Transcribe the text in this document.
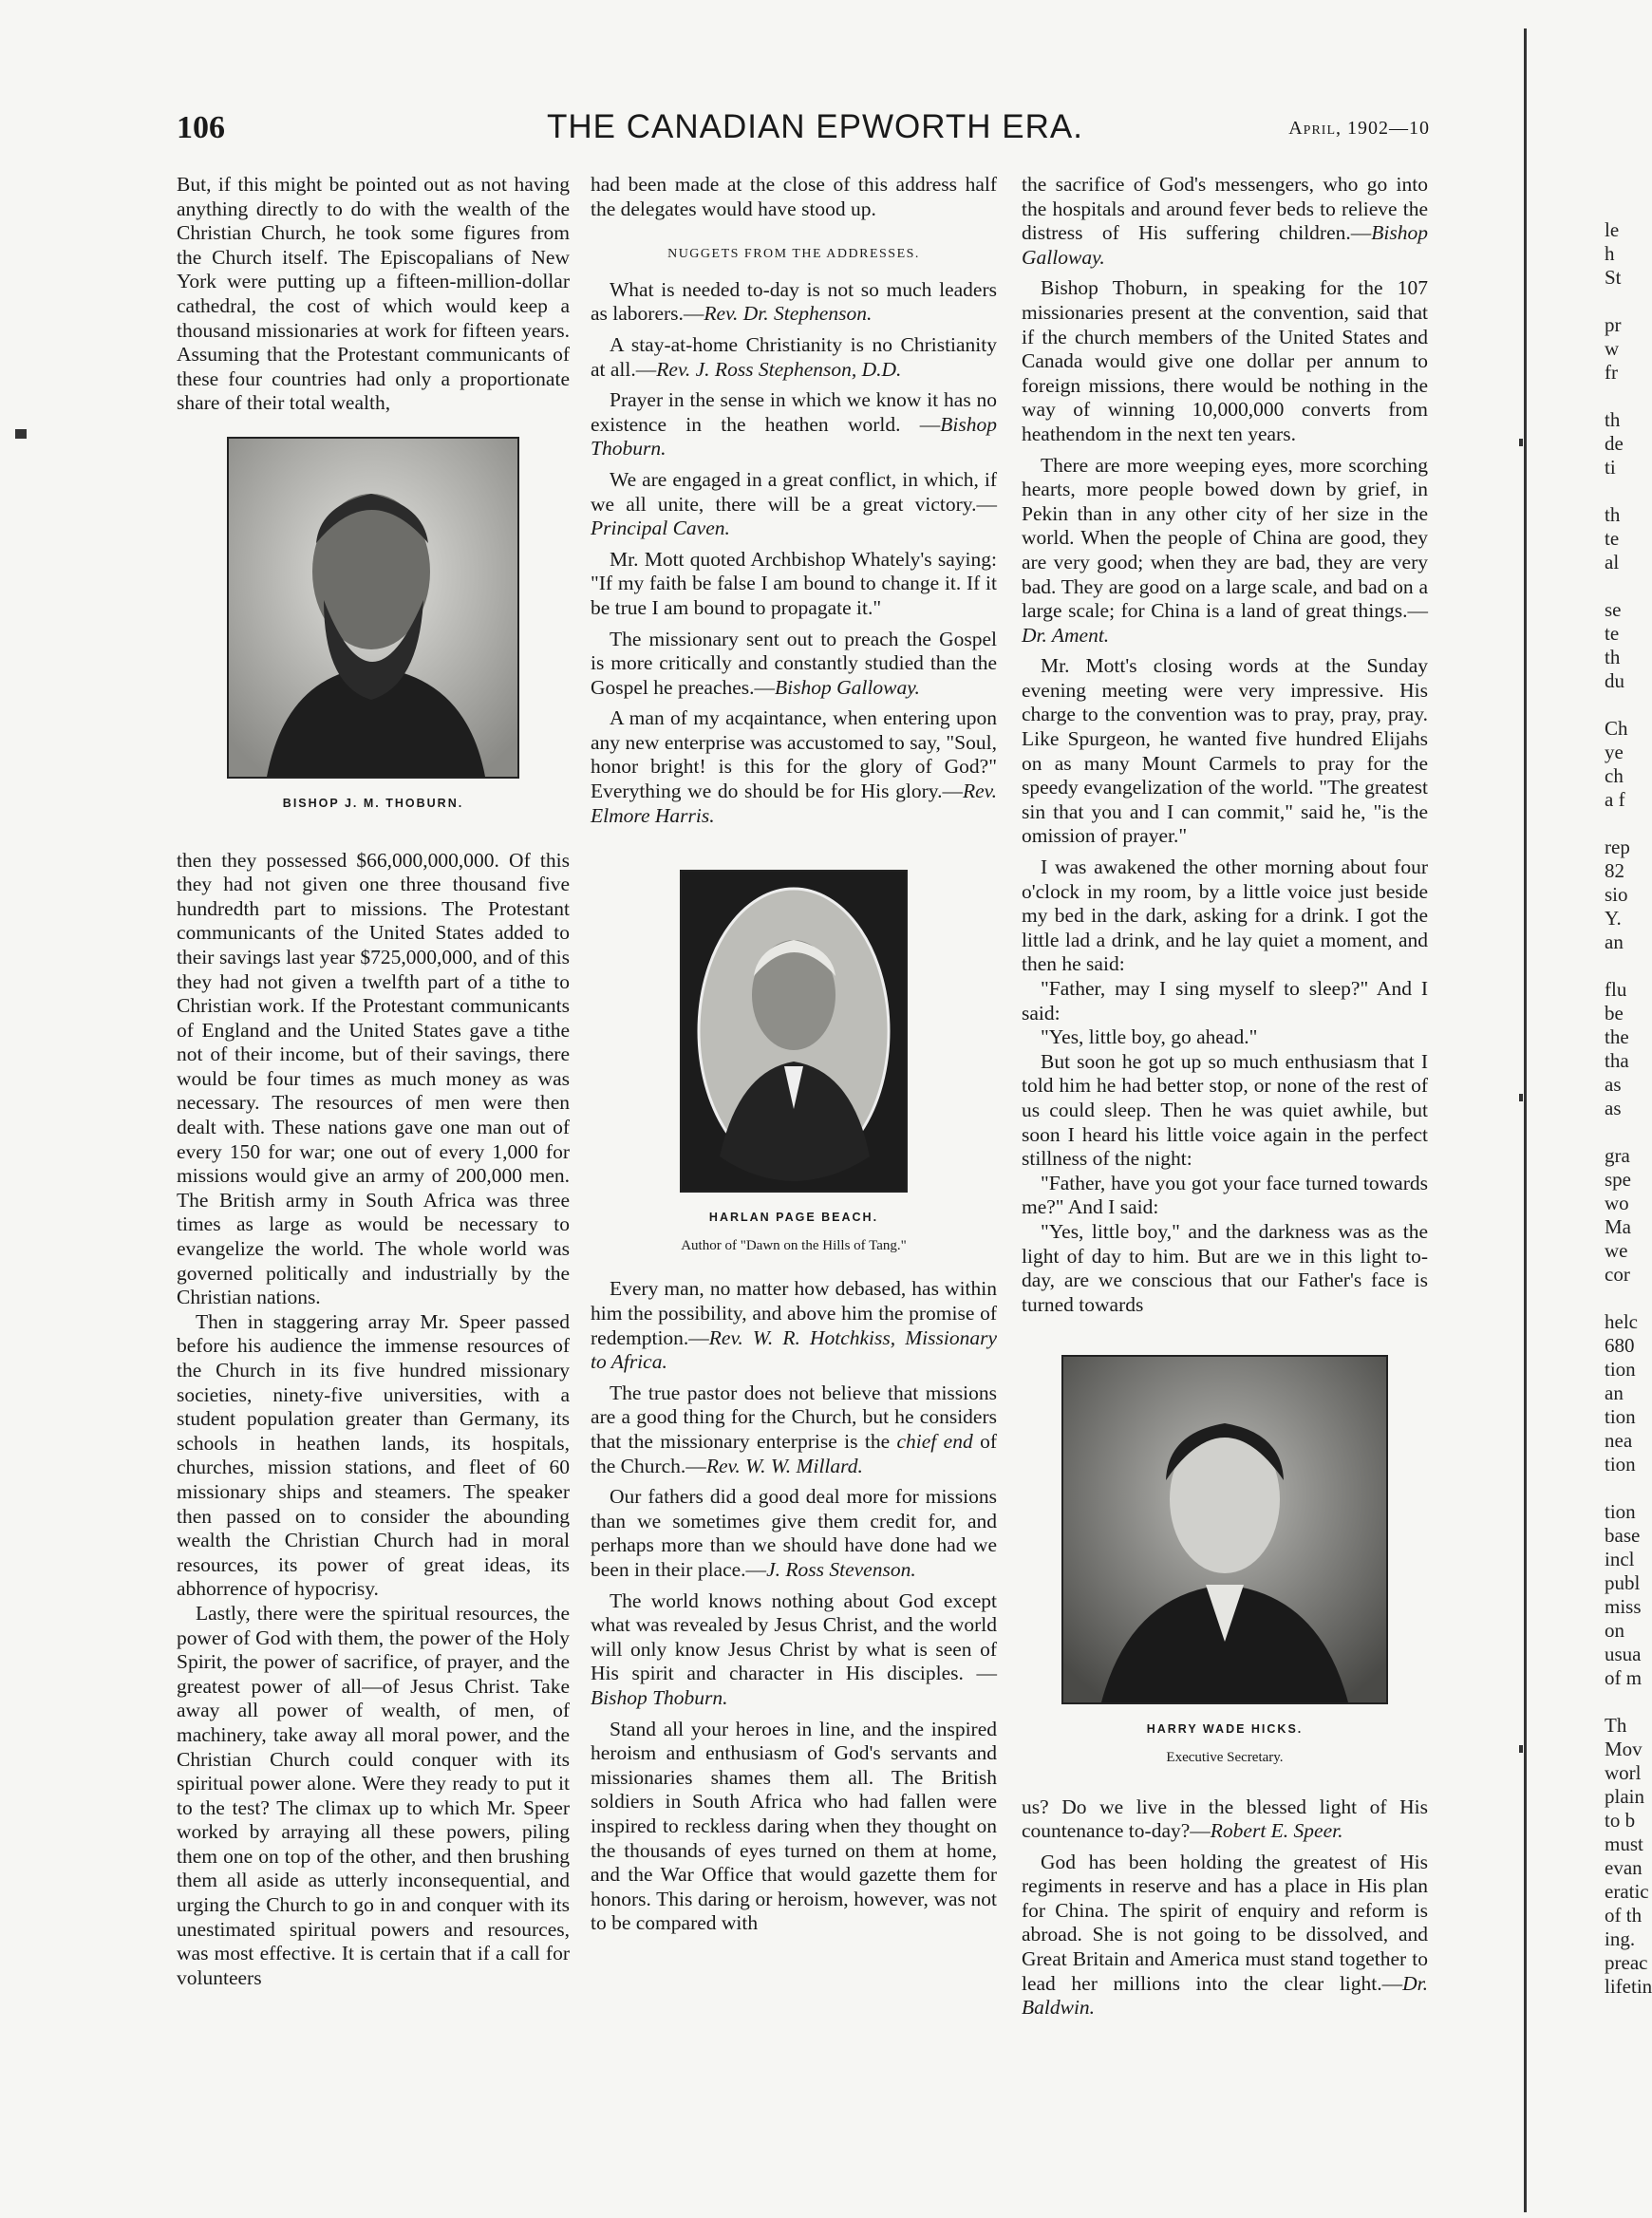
106	THE CANADIAN EPWORTH ERA.	April, 1902—10

But, if this might be pointed out as not having anything directly to do with the wealth of the Christian Church, he took some figures from the Church itself. The Episcopalians of New York were putting up a fifteen-million-dollar cathedral, the cost of which would keep a thousand missionaries at work for fifteen years. Assuming that the Protestant communicants of these four countries had only a proportionate share of their total wealth,

BISHOP J. M. THOBURN.

then they possessed $66,000,000,000. Of this they had not given one three thousand five hundredth part to missions. The Protestant communicants of the United States added to their savings last year $725,000,000, and of this they had not given a twelfth part of a tithe to Christian work. If the Protestant communicants of England and the United States gave a tithe not of their income, but of their savings, there would be four times as much money as was necessary. The resources of men were then dealt with. These nations gave one man out of every 150 for war; one out of every 1,000 for missions would give an army of 200,000 men. The British army in South Africa was three times as large as would be necessary to evangelize the world. The whole world was governed politically and industrially by the Christian nations.

Then in staggering array Mr. Speer passed before his audience the immense resources of the Church in its five hundred missionary societies, ninety-five universities, with a student population greater than Germany, its schools in heathen lands, its hospitals, churches, mission stations, and fleet of 60 missionary ships and steamers. The speaker then passed on to consider the abounding wealth the Christian Church had in moral resources, its power of great ideas, its abhorrence of hypocrisy.

Lastly, there were the spiritual resources, the power of God with them, the power of the Holy Spirit, the power of sacrifice, of prayer, and the greatest power of all—of Jesus Christ. Take away all power of wealth, of men, of machinery, take away all moral power, and the Christian Church could conquer with its spiritual power alone. Were they ready to put it to the test? The climax up to which Mr. Speer worked by arraying all these powers, piling them one on top of the other, and then brushing them all aside as utterly inconsequential, and urging the Church to go in and conquer with its unestimated spiritual powers and resources, was most effective. It is certain that if a call for volunteers

had been made at the close of this address half the delegates would have stood up.

NUGGETS FROM THE ADDRESSES.

What is needed to-day is not so much leaders as laborers.—Rev. Dr. Stephenson.

A stay-at-home Christianity is no Christianity at all.—Rev. J. Ross Stephenson, D.D.

Prayer in the sense in which we know it has no existence in the heathen world. —Bishop Thoburn.

We are engaged in a great conflict, in which, if we all unite, there will be a great victory.—Principal Caven.

Mr. Mott quoted Archbishop Whately's saying: "If my faith be false I am bound to change it. If it be true I am bound to propagate it."

The missionary sent out to preach the Gospel is more critically and constantly studied than the Gospel he preaches.—Bishop Galloway.

A man of my acqaintance, when entering upon any new enterprise was accustomed to say, "Soul, honor bright! is this for the glory of God?" Everything we do should be for His glory.—Rev. Elmore Harris.

HARLAN PAGE BEACH.
Author of "Dawn on the Hills of Tang."

Every man, no matter how debased, has within him the possibility, and above him the promise of redemption.—Rev. W. R. Hotchkiss, Missionary to Africa.

The true pastor does not believe that missions are a good thing for the Church, but he considers that the missionary enterprise is the chief end of the Church.—Rev. W. W. Millard.

Our fathers did a good deal more for missions than we sometimes give them credit for, and perhaps more than we should have done had we been in their place.—J. Ross Stevenson.

The world knows nothing about God except what was revealed by Jesus Christ, and the world will only know Jesus Christ by what is seen of His spirit and character in His disciples. —Bishop Thoburn.

Stand all your heroes in line, and the inspired heroism and enthusiasm of God's servants and missionaries shames them all. The British soldiers in South Africa who had fallen were inspired to reckless daring when they thought on the thousands of eyes turned on them at home, and the War Office that would gazette them for honors. This daring or heroism, however, was not to be compared with

the sacrifice of God's messengers, who go into the hospitals and around fever beds to relieve the distress of His suffering children.—Bishop Galloway.

Bishop Thoburn, in speaking for the 107 missionaries present at the convention, said that if the church members of the United States and Canada would give one dollar per annum to foreign missions, there would be nothing in the way of winning 10,000,000 converts from heathendom in the next ten years.

There are more weeping eyes, more scorching hearts, more people bowed down by grief, in Pekin than in any other city of her size in the world. When the people of China are good, they are very good; when they are bad, they are very bad. They are good on a large scale, and bad on a large scale; for China is a land of great things.—Dr. Ament.

Mr. Mott's closing words at the Sunday evening meeting were very impressive. His charge to the convention was to pray, pray, pray. Like Spurgeon, he wanted five hundred Elijahs on as many Mount Carmels to pray for the speedy evangelization of the world. "The greatest sin that you and I can commit," said he, "is the omission of prayer."

I was awakened the other morning about four o'clock in my room, by a little voice just beside my bed in the dark, asking for a drink. I got the little lad a drink, and he lay quiet a moment, and then he said:

"Father, may I sing myself to sleep?" And I said:

"Yes, little boy, go ahead."

But soon he got up so much enthusiasm that I told him he had better stop, or none of the rest of us could sleep. Then he was quiet awhile, but soon I heard his little voice again in the perfect stillness of the night:

"Father, have you got your face turned towards me?" And I said:

"Yes, little boy," and the darkness was as the light of day to him. But are we in this light to-day, are we conscious that our Father's face is turned towards

HARRY WADE HICKS.
Executive Secretary.

us? Do we live in the blessed light of His countenance to-day?—Robert E. Speer.

God has been holding the greatest of His regiments in reserve and has a place in His plan for China. The spirit of enquiry and reform is abroad. She is not going to be dissolved, and Great Britain and America must stand together to lead her millions into the clear light.—Dr. Baldwin.

le
h
St
pr
w
fr
th
de
ti
th
te
al
se
te
th
du
Ch
ye
ch
a f
rep
82
sio
Y.
an
flu
be
the
tha
as
as
gra
spe
wo
Ma
we
cor
helc
680
tion
an
tion
nea
tion
tion
base
incl
publ
miss
on
usua
of m
Th
Mov
worl
plain
to b
must
evan
eratic
of th
ing.
preac
lifetin
